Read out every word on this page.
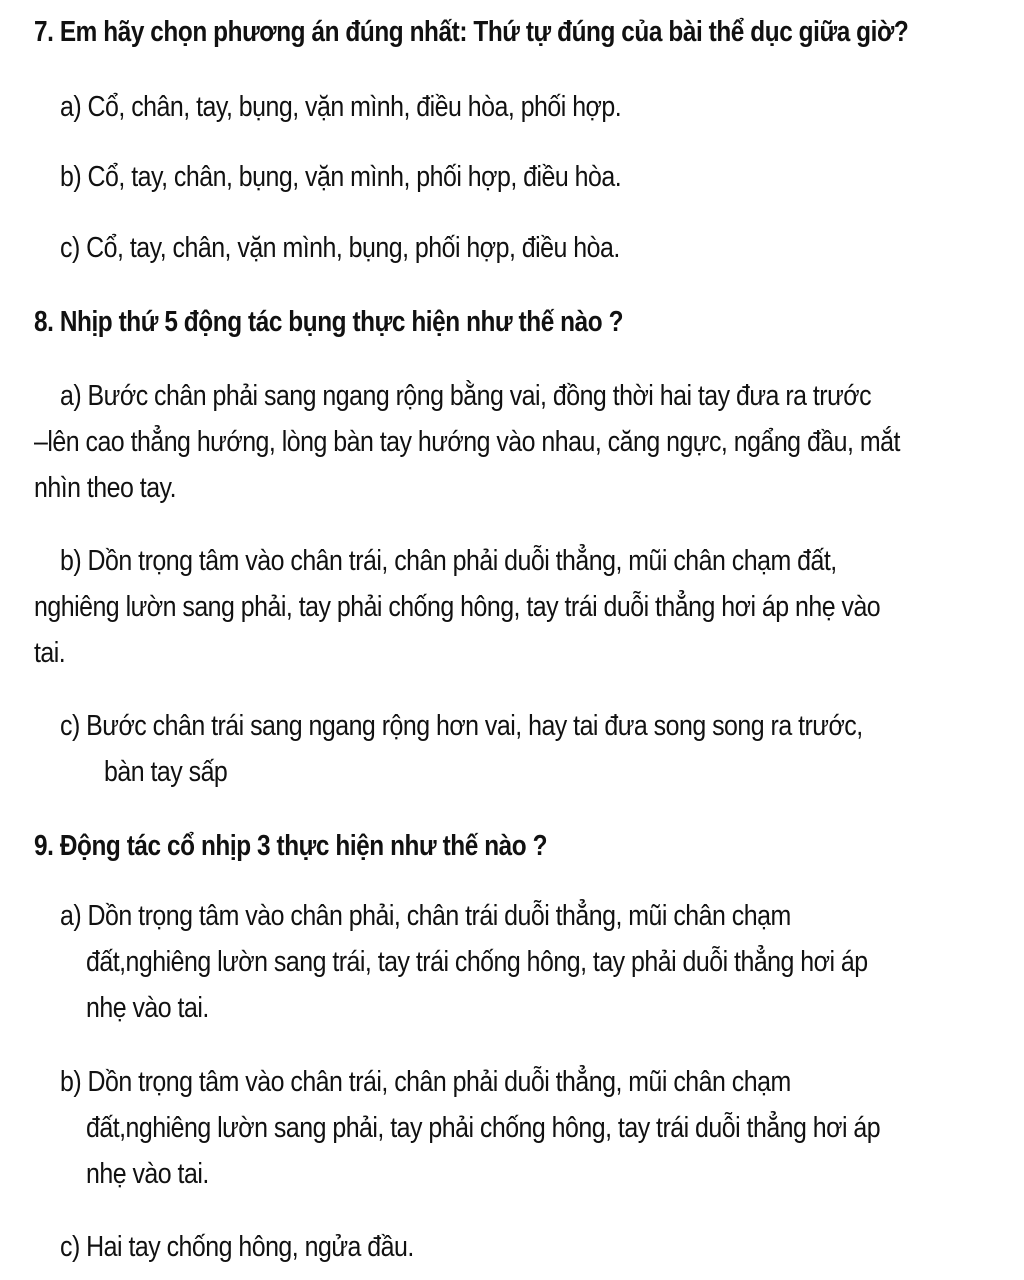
7. Em hãy chọn phương án đúng nhất: Thứ tự đúng của bài thể dục giữa giờ?
a) Cổ, chân, tay, bụng, vặn mình, điều hòa, phối hợp.
b) Cổ, tay, chân, bụng, vặn mình, phối hợp, điều hòa.
c) Cổ, tay, chân, vặn mình, bụng, phối hợp, điều hòa.
8. Nhịp thứ 5 động tác bụng thực hiện như thế nào ?
a) Bước chân phải sang ngang rộng bằng vai, đồng thời hai tay đưa ra trước
–lên cao thẳng hướng, lòng bàn tay hướng vào nhau, căng ngực, ngẩng đầu, mắt
nhìn theo tay.
b) Dồn trọng tâm vào chân trái, chân phải duỗi thẳng, mũi chân chạm đất,
nghiêng lườn sang phải, tay phải chống hông, tay trái duỗi thẳng hơi áp nhẹ vào
tai.
c) Bước chân trái sang ngang rộng hơn vai, hay tai đưa song song ra trước,
bàn tay sấp
9. Động tác cổ nhịp 3 thực hiện như thế nào ?
a) Dồn trọng tâm vào chân phải, chân trái duỗi thẳng, mũi chân chạm
đất,nghiêng lườn sang trái, tay trái chống hông, tay phải duỗi thẳng hơi áp
nhẹ vào tai.
b) Dồn trọng tâm vào chân trái, chân phải duỗi thẳng, mũi chân chạm
đất,nghiêng lườn sang phải, tay phải chống hông, tay trái duỗi thẳng hơi áp
nhẹ vào tai.
c) Hai tay chống hông, ngửa đầu.
